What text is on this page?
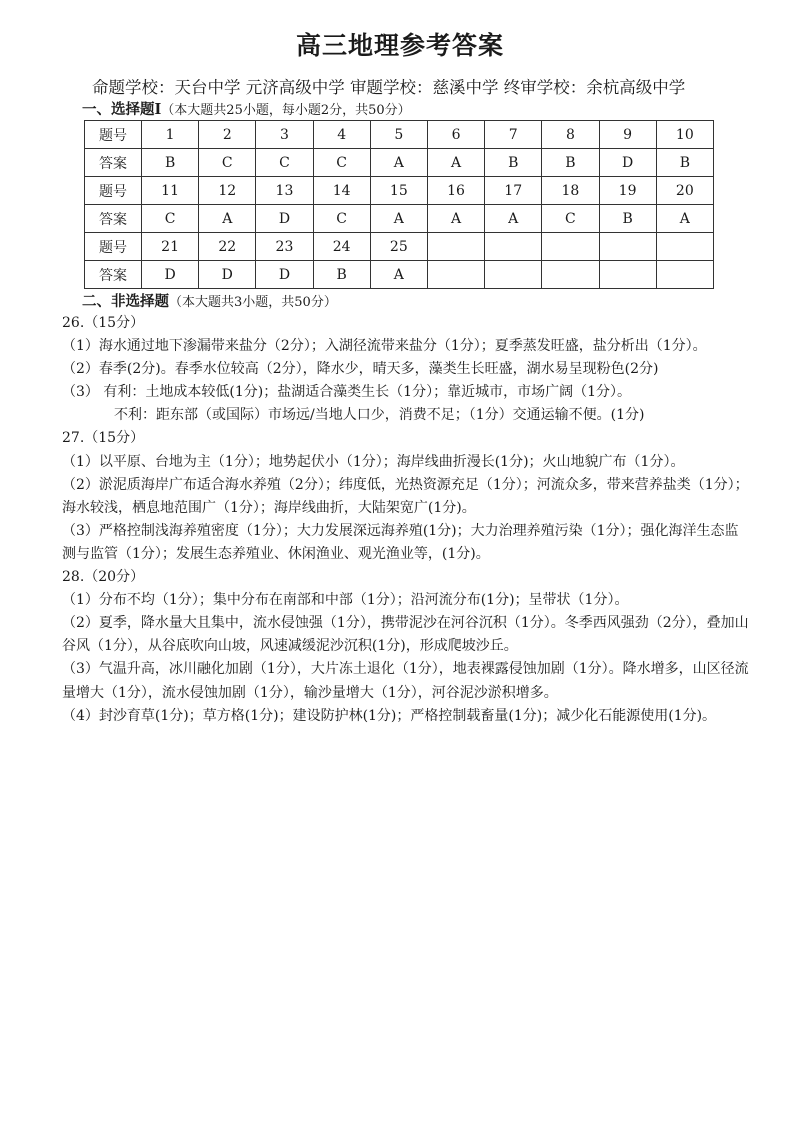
高三地理参考答案
命题学校：天台中学 元济高级中学 审题学校：慈溪中学 终审学校：余杭高级中学
一、选择题Ⅰ（本大题共25小题，每小题2分，共50分）
题号	1	2	3	4	5	6	7	8	9	10
答案	B	C	C	C	A	A	B	B	D	B
题号	11	12	13	14	15	16	17	18	19	20
答案	C	A	D	C	A	A	A	C	B	A
题号	21	22	23	24	25					
答案	D	D	D	B	A					
二、非选择题（本大题共3小题，共50分）

26.（15分）

（1）海水通过地下渗漏带来盐分（2分）；入湖径流带来盐分（1分）；夏季蒸发旺盛，盐分析出（1分）。

（2）春季(2分)。春季水位较高（2分），降水少，晴天多，藻类生长旺盛，湖水易呈现粉色(2分)

（3） 有利：土地成本较低(1分)；盐湖适合藻类生长（1分）；靠近城市，市场广阔（1分）。

不利：距东部（或国际）市场远/当地人口少，消费不足；（1分）交通运输不便。(1分)

27.（15分）

（1）以平原、台地为主（1分）；地势起伏小（1分）；海岸线曲折漫长(1分)；火山地貌广布（1分）。

（2）淤泥质海岸广布适合海水养殖（2分）；纬度低，光热资源充足（1分）；河流众多，带来营养盐类（1分）；海水较浅，栖息地范围广（1分）；海岸线曲折，大陆架宽广(1分)。

（3）严格控制浅海养殖密度（1分）；大力发展深远海养殖(1分)；大力治理养殖污染（1分）；强化海洋生态监测与监管（1分）；发展生态养殖业、休闲渔业、观光渔业等，(1分)。

28.（20分）

（1）分布不均（1分）；集中分布在南部和中部（1分）；沿河流分布(1分)；呈带状（1分）。

（2）夏季，降水量大且集中，流水侵蚀强（1分），携带泥沙在河谷沉积（1分）。冬季西风强劲（2分），叠加山谷风（1分），从谷底吹向山坡，风速减缓泥沙沉积(1分)，形成爬坡沙丘。

（3）气温升高，冰川融化加剧（1分），大片冻土退化（1分），地表裸露侵蚀加剧（1分）。降水增多，山区径流量增大（1分），流水侵蚀加剧（1分），输沙量增大（1分），河谷泥沙淤积增多。

（4）封沙育草(1分)；草方格(1分)；建设防护林(1分)；严格控制载畜量(1分)；减少化石能源使用(1分)。
